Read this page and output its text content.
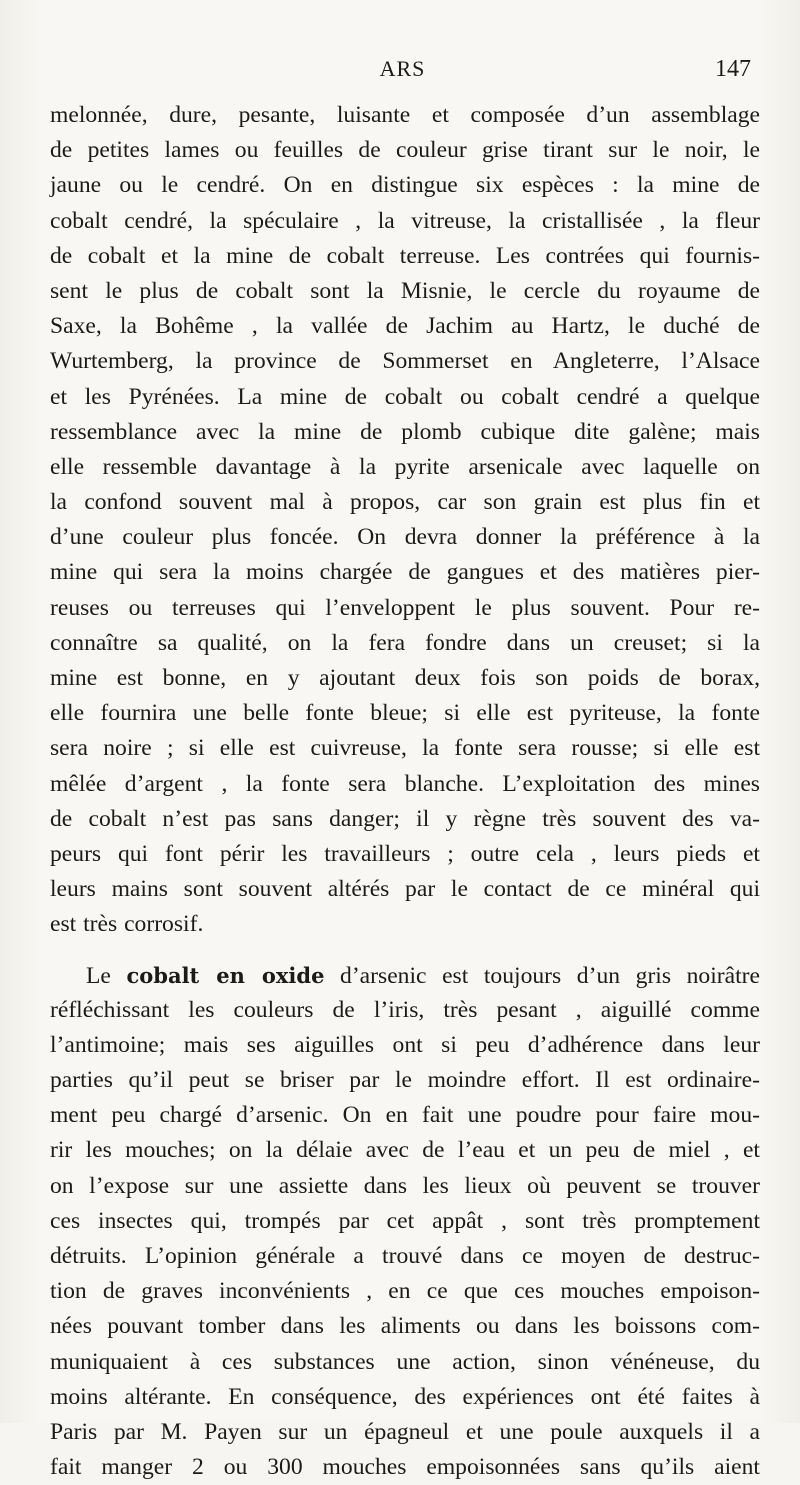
ARS	147
melonnée, dure, pesante, luisante et composée d’un assemblage
de petites lames ou feuilles de couleur grise tirant sur le noir, le
jaune ou le cendré. On en distingue six espèces : la mine de
cobalt cendré, la spéculaire , la vitreuse, la cristallisée , la fleur
de cobalt et la mine de cobalt terreuse. Les contrées qui fournis-
sent le plus de cobalt sont la Misnie, le cercle du royaume de
Saxe, la Bohême , la vallée de Jachim au Hartz, le duché de
Wurtemberg, la province de Sommerset en Angleterre, l’Alsace
et les Pyrénées. La mine de cobalt ou cobalt cendré a quelque
ressemblance avec la mine de plomb cubique dite galène; mais
elle ressemble davantage à la pyrite arsenicale avec laquelle on
la confond souvent mal à propos, car son grain est plus fin et
d’une couleur plus foncée. On devra donner la préférence à la
mine qui sera la moins chargée de gangues et des matières pier-
reuses ou terreuses qui l’enveloppent le plus souvent. Pour re-
connaître sa qualité, on la fera fondre dans un creuset; si la
mine est bonne, en y ajoutant deux fois son poids de borax,
elle fournira une belle fonte bleue; si elle est pyriteuse, la fonte
sera noire ; si elle est cuivreuse, la fonte sera rousse; si elle est
mêlée d’argent , la fonte sera blanche. L’exploitation des mines
de cobalt n’est pas sans danger; il y règne très souvent des va-
peurs qui font périr les travailleurs ; outre cela , leurs pieds et
leurs mains sont souvent altérés par le contact de ce minéral qui
est très corrosif.
Le cobalt en oxide d’arsenic est toujours d’un gris noirâtre
réfléchissant les couleurs de l’iris, très pesant , aiguillé comme
l’antimoine; mais ses aiguilles ont si peu d’adhérence dans leur
parties qu’il peut se briser par le moindre effort. Il est ordinaire-
ment peu chargé d’arsenic. On en fait une poudre pour faire mou-
rir les mouches; on la délaie avec de l’eau et un peu de miel , et
on l’expose sur une assiette dans les lieux où peuvent se trouver
ces insectes qui, trompés par cet appât , sont très promptement
détruits. L’opinion générale a trouvé dans ce moyen de destruc-
tion de graves inconvénients , en ce que ces mouches empoison-
nées pouvant tomber dans les aliments ou dans les boissons com-
muniquaient à ces substances une action, sinon vénéneuse, du
moins altérante. En conséquence, des expériences ont été faites à
Paris par M. Payen sur un épagneul et une poule auxquels il a
fait manger 2 ou 300 mouches empoisonnées sans qu’ils aient
